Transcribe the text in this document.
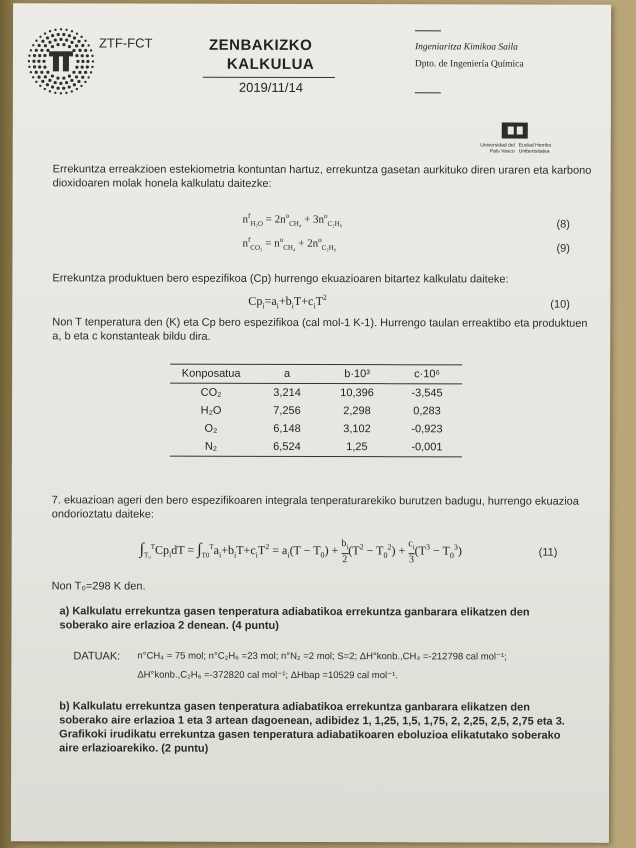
ZTF-FCT	ZENBAKIZKO
KALKULUA
2019/11/14
Ingeniaritza Kimikoa Saila
Dpto. de Ingeniería Química
Universidad del País Vasco
Euskal Herriko Unibertsitatea
Errekuntza erreakzioen estekiometria kontuntan hartuz, errekuntza gasetan aurkituko diren uraren eta karbono dioxidoaren molak honela kalkulatu daitezke:
$n^f_{H_2O} = 2n^o_{CH_4} + 3n^o_{C_2H_6}$	(8)
$n^f_{CO_2} = n^o_{CH_4} + 2n^o_{C_2H_6}$	(9)
Errekuntza produktuen bero espezifikoa (Cp) hurrengo ekuazioaren bitartez kalkulatu daiteke:
$Cp_i=a_i+b_iT+c_iT^2$
(10)
Non T tenperatura den (K) eta Cp bero espezifikoa (cal mol-1 K-1). Hurrengo taulan erreaktibo eta produktuen a, b eta c konstanteak bildu dira.
Konposatua	a	b·10³	c·10⁶
CO₂	3,214	10,396	-3,545
H₂O	7,256	2,298	0,283
O₂	6,148	3,102	-0,923
N₂	6,524	1,25	-0,001
7. ekuazioan ageri den bero espezifikoaren integrala tenperaturarekiko burutzen badugu, hurrengo ekuazioa ondorioztatu daiteke:
$\int_{T_0}^TCp_idT = \int_{T0}^Ta_i+b_iT+c_iT^2 = a_i(T - T_0) + \frac{b_i}{2} (T^2 - T_0^2) + \frac{c_i}{3} (T^3 - T_0^3)$	(11)
Non T₀=298 K den.
a) Kalkulatu errekuntza gasen tenperatura adiabatikoa errekuntza ganbarara elikatzen den soberako aire erlazioa 2 denean. (4 puntu)
DATUAK: n°CH₄ = 75 mol; n°C₂H₆ =23 mol; n°N₂ =2 mol; S=2; ΔH°konb.,CH₄ =-212798 cal mol⁻¹;
ΔH°konb.,C₂H₆ =-372820 cal mol⁻¹; ΔHbap =10529 cal mol⁻¹.
b) Kalkulatu errekuntza gasen tenperatura adiabatikoa errekuntza ganbarara elikatzen den soberako aire erlazioa 1 eta 3 artean dagoenean, adibidez 1, 1,25, 1,5, 1,75, 2, 2,25, 2,5, 2,75 eta 3. Grafikoki irudikatu errekuntza gasen tenperatura adiabatikoaren eboluzioa elikatutako soberako aire erlazioarekiko. (2 puntu)
